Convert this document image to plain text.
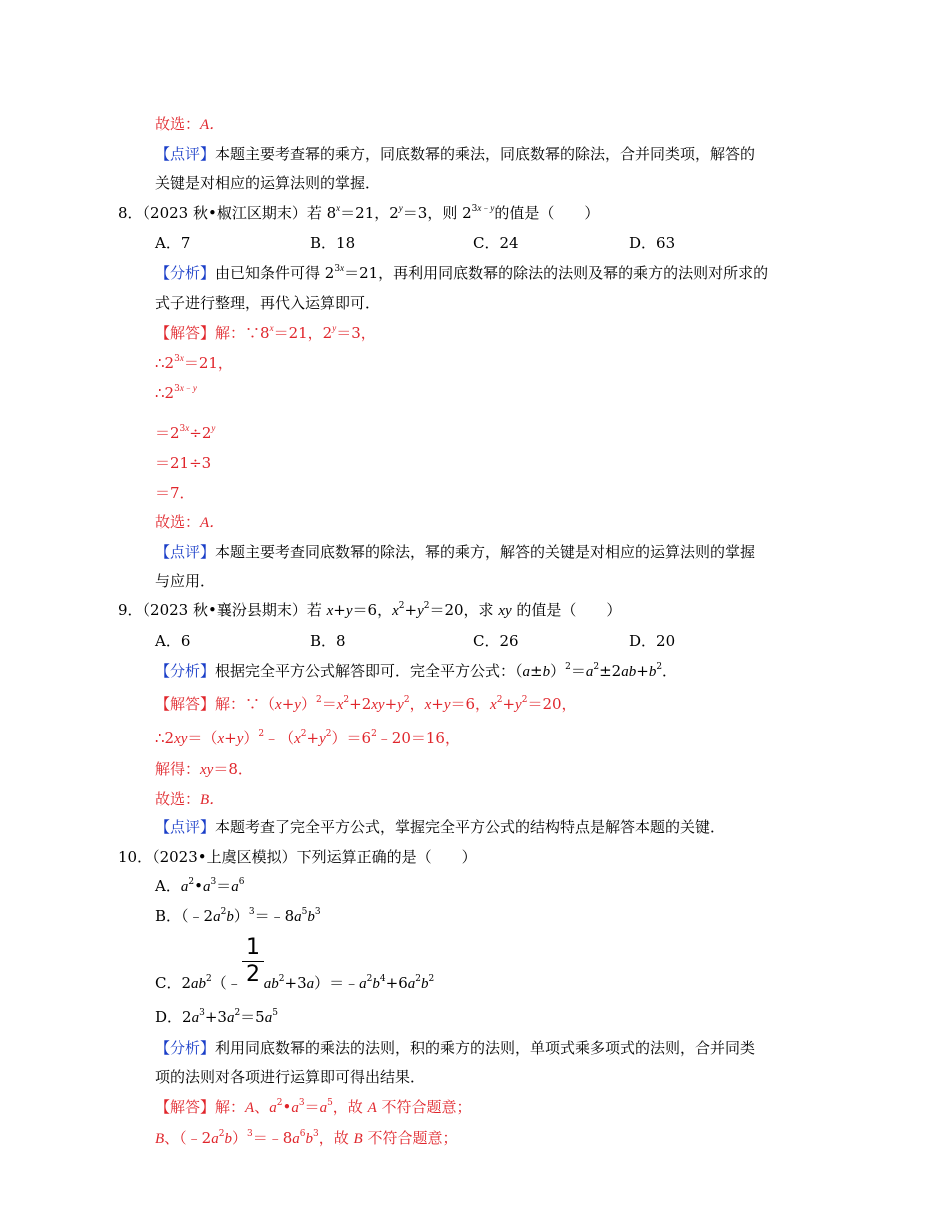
故选：A．
【点评】本题主要考查幂的乘方，同底数幂的乘法，同底数幂的除法，合并同类项，解答的
关键是对相应的运算法则的掌握．
8．（2023 秋•椒江区期末）若 $8^x=21$，$2^y=3$，则 $2^{3x﹣y}$的值是（　　）
A．7	B．18	C．24	D．63
【分析】由已知条件可得 $2^{3x}=21$，再利用同底数幂的除法的法则及幂的乘方的法则对所求的
式子进行整理，再代入运算即可．
【解答】解：$\because 8^x=21$，$2^y=3$，
$\therefore 2^{3x}=21$，
$\therefore 2^{3x﹣y}$
$=2^{3x}\div 2^y$
＝21÷3
＝7．
故选：A．
【点评】本题主要考查同底数幂的除法，幂的乘方，解答的关键是对相应的运算法则的掌握
与应用．
9．（2023 秋•襄汾县期末）若 x+y＝6，$x^2+y^2=20$，求 xy 的值是（　　）
A．6	B．8	C．26	D．20
【分析】根据完全平方公式解答即可．完全平方公式：$(a\pm b)^2=a^2\pm 2ab+b^2$．
【解答】解：$\because(x+y)^2=x^2+2xy+y^2$，x+y＝6，$x^2+y^2=20$，
$\therefore 2xy=(x+y)^2﹣(x^2+y^2)=6^2﹣20=16$，
解得：xy＝8．
故选：B．
【点评】本题考查了完全平方公式，掌握完全平方公式的结构特点是解答本题的关键．
10．（2023•上虞区模拟）下列运算正确的是（　　）
A．$a^2•a^3=a^6$
B．$(﹣2a^2b)^3=﹣8a^5b^3$
1
2
C．$2ab^2(﹣$ $ab^2+3a)=﹣a^2b^4+6a^2b^2$
D．$2a^3+3a^2=5a^5$
【分析】利用同底数幂的乘法的法则，积的乘方的法则，单项式乘多项式的法则，合并同类
项的法则对各项进行运算即可得出结果．
【解答】解：A、$a^2•a^3=a^5$，故 A 不符合题意；
B、$(﹣2a^2b)^3=﹣8a^6b^3$，故 B 不符合题意；
